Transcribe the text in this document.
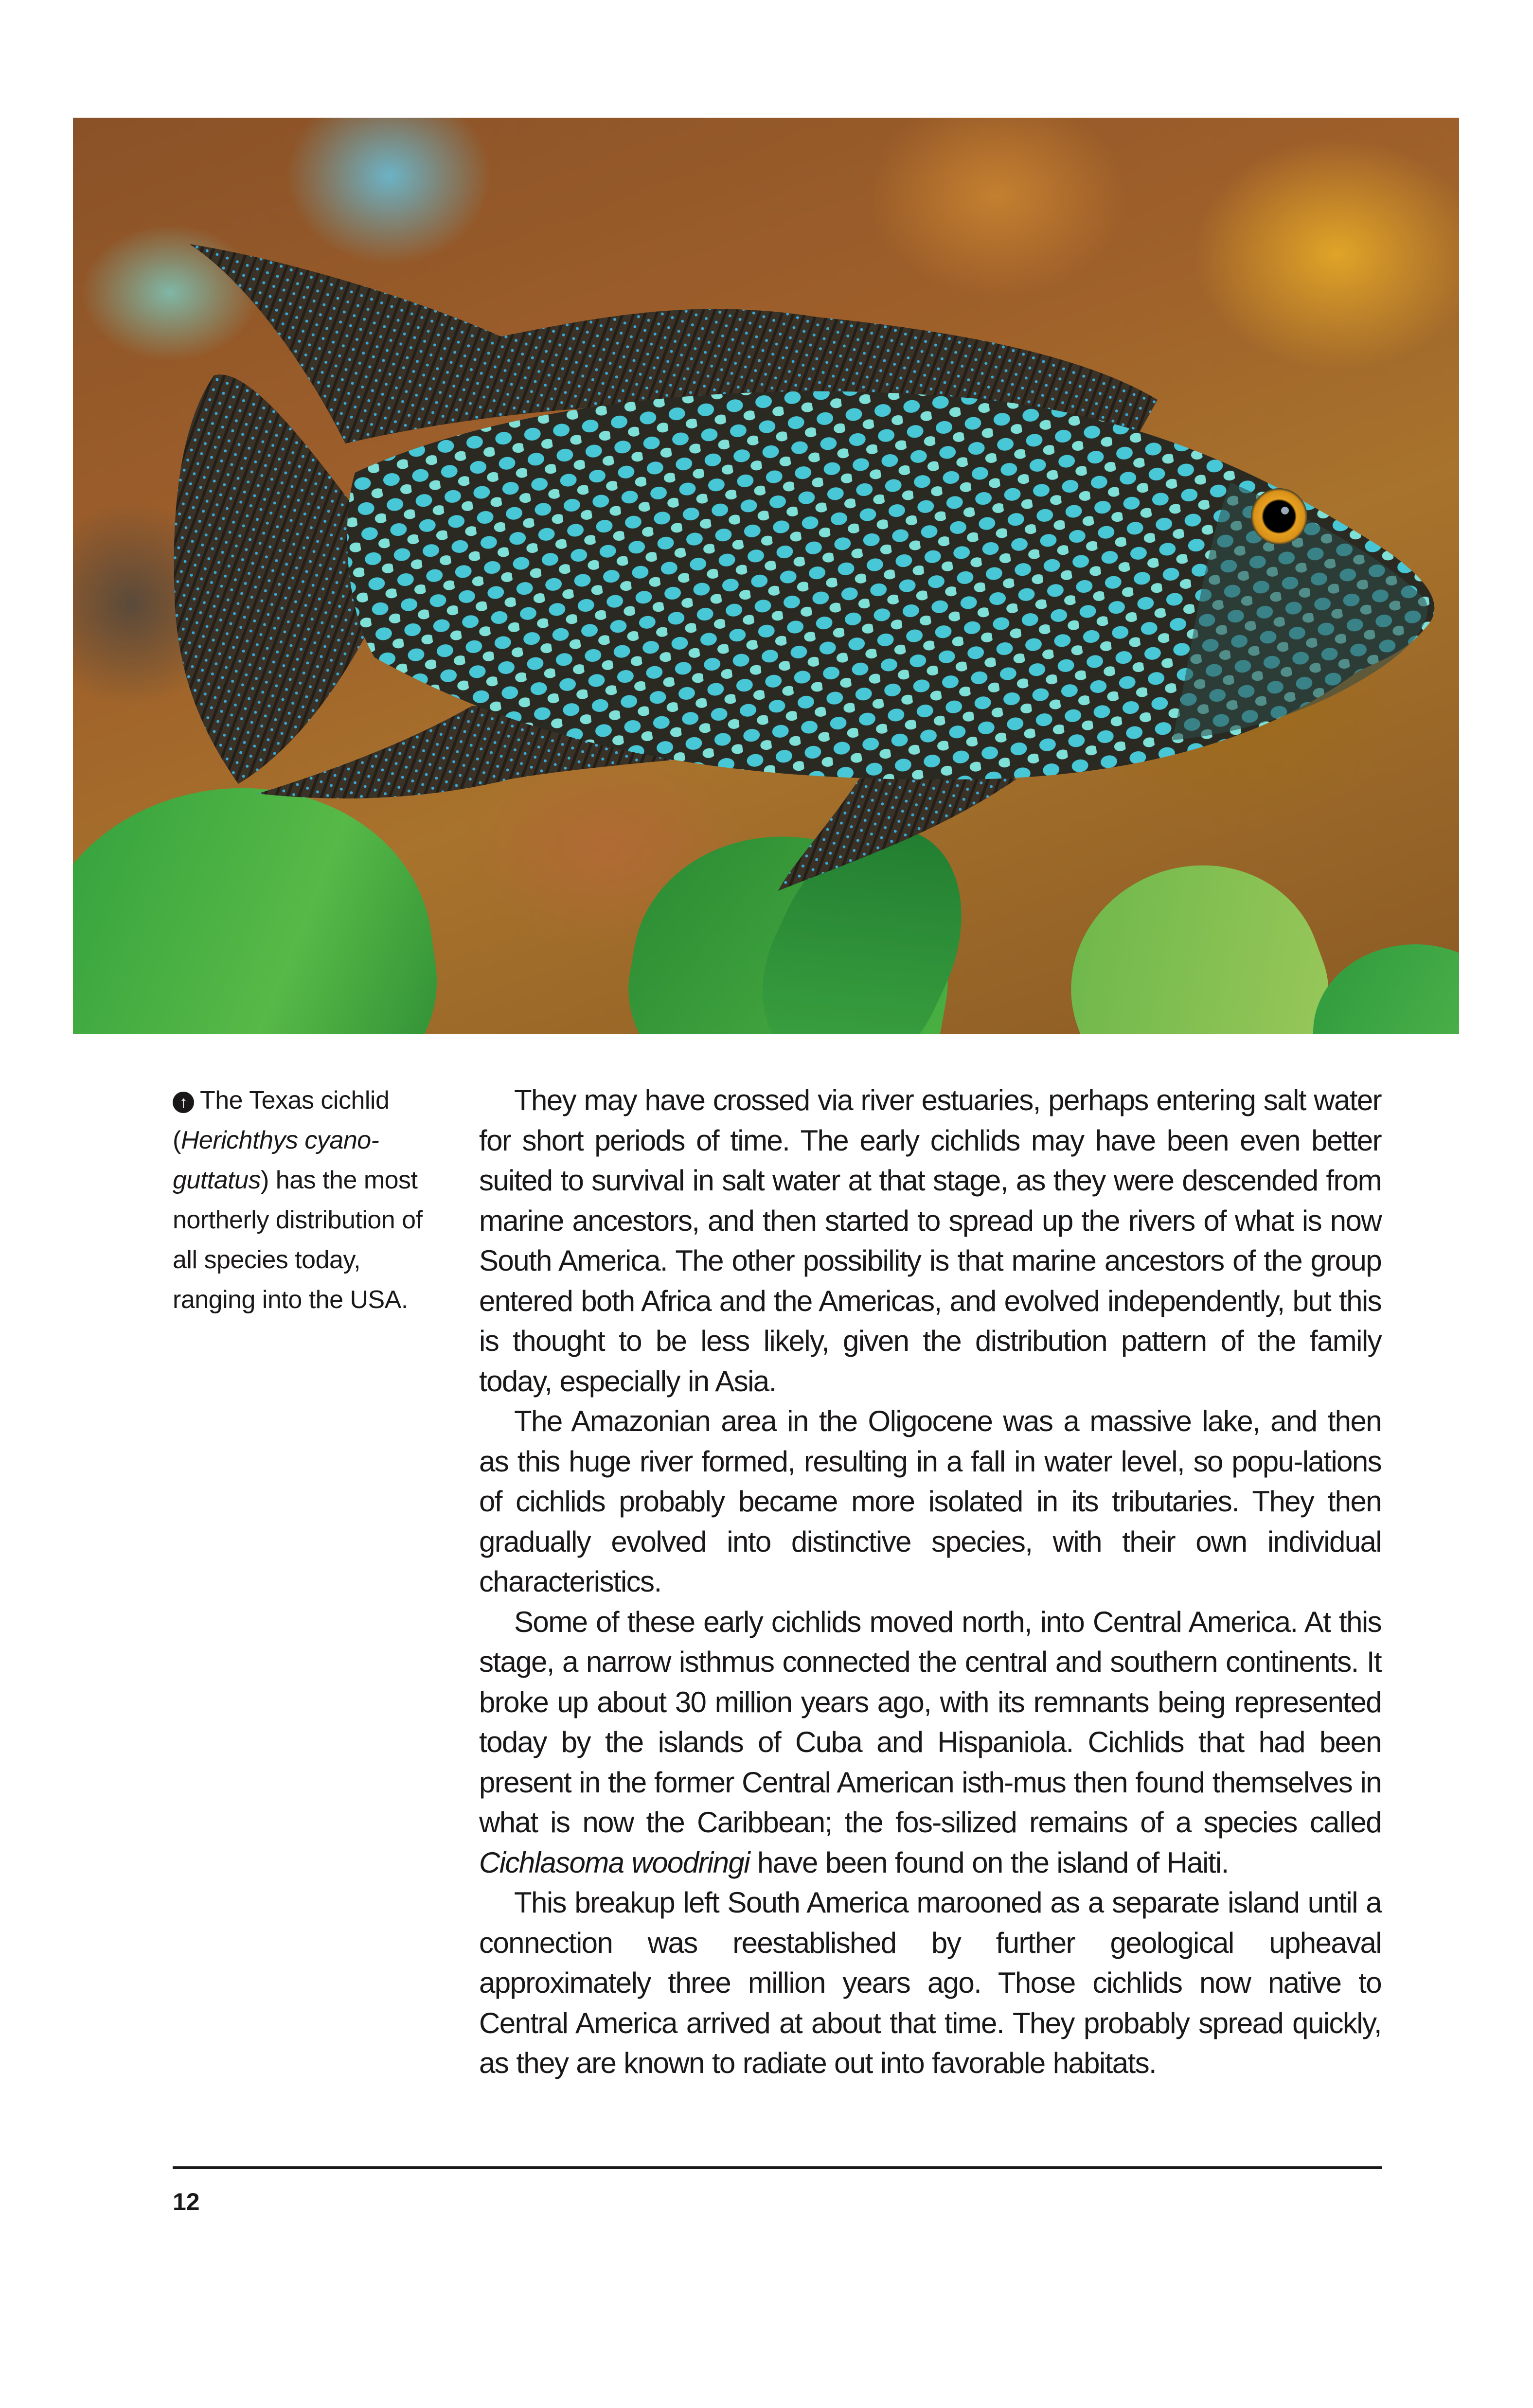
↑ The Texas cichlid (Herichthys cyano-guttatus) has the most northerly distribution of all species today, ranging into the USA.

They may have crossed via river estuaries, perhaps entering salt water for short periods of time. The early cichlids may have been even better suited to survival in salt water at that stage, as they were descended from marine ancestors, and then started to spread up the rivers of what is now South America. The other possibility is that marine ancestors of the group entered both Africa and the Americas, and evolved independently, but this is thought to be less likely, given the distribution pattern of the family today, especially in Asia.

The Amazonian area in the Oligocene was a massive lake, and then as this huge river formed, resulting in a fall in water level, so popu-lations of cichlids probably became more isolated in its tributaries. They then gradually evolved into distinctive species, with their own individual characteristics.

Some of these early cichlids moved north, into Central America. At this stage, a narrow isthmus connected the central and southern continents. It broke up about 30 million years ago, with its remnants being represented today by the islands of Cuba and Hispaniola. Cichlids that had been present in the former Central American isth-mus then found themselves in what is now the Caribbean; the fos-silized remains of a species called Cichlasoma woodringi have been found on the island of Haiti.

This breakup left South America marooned as a separate island until a connection was reestablished by further geological upheaval approximately three million years ago. Those cichlids now native to Central America arrived at about that time. They probably spread quickly, as they are known to radiate out into favorable habitats.

12
